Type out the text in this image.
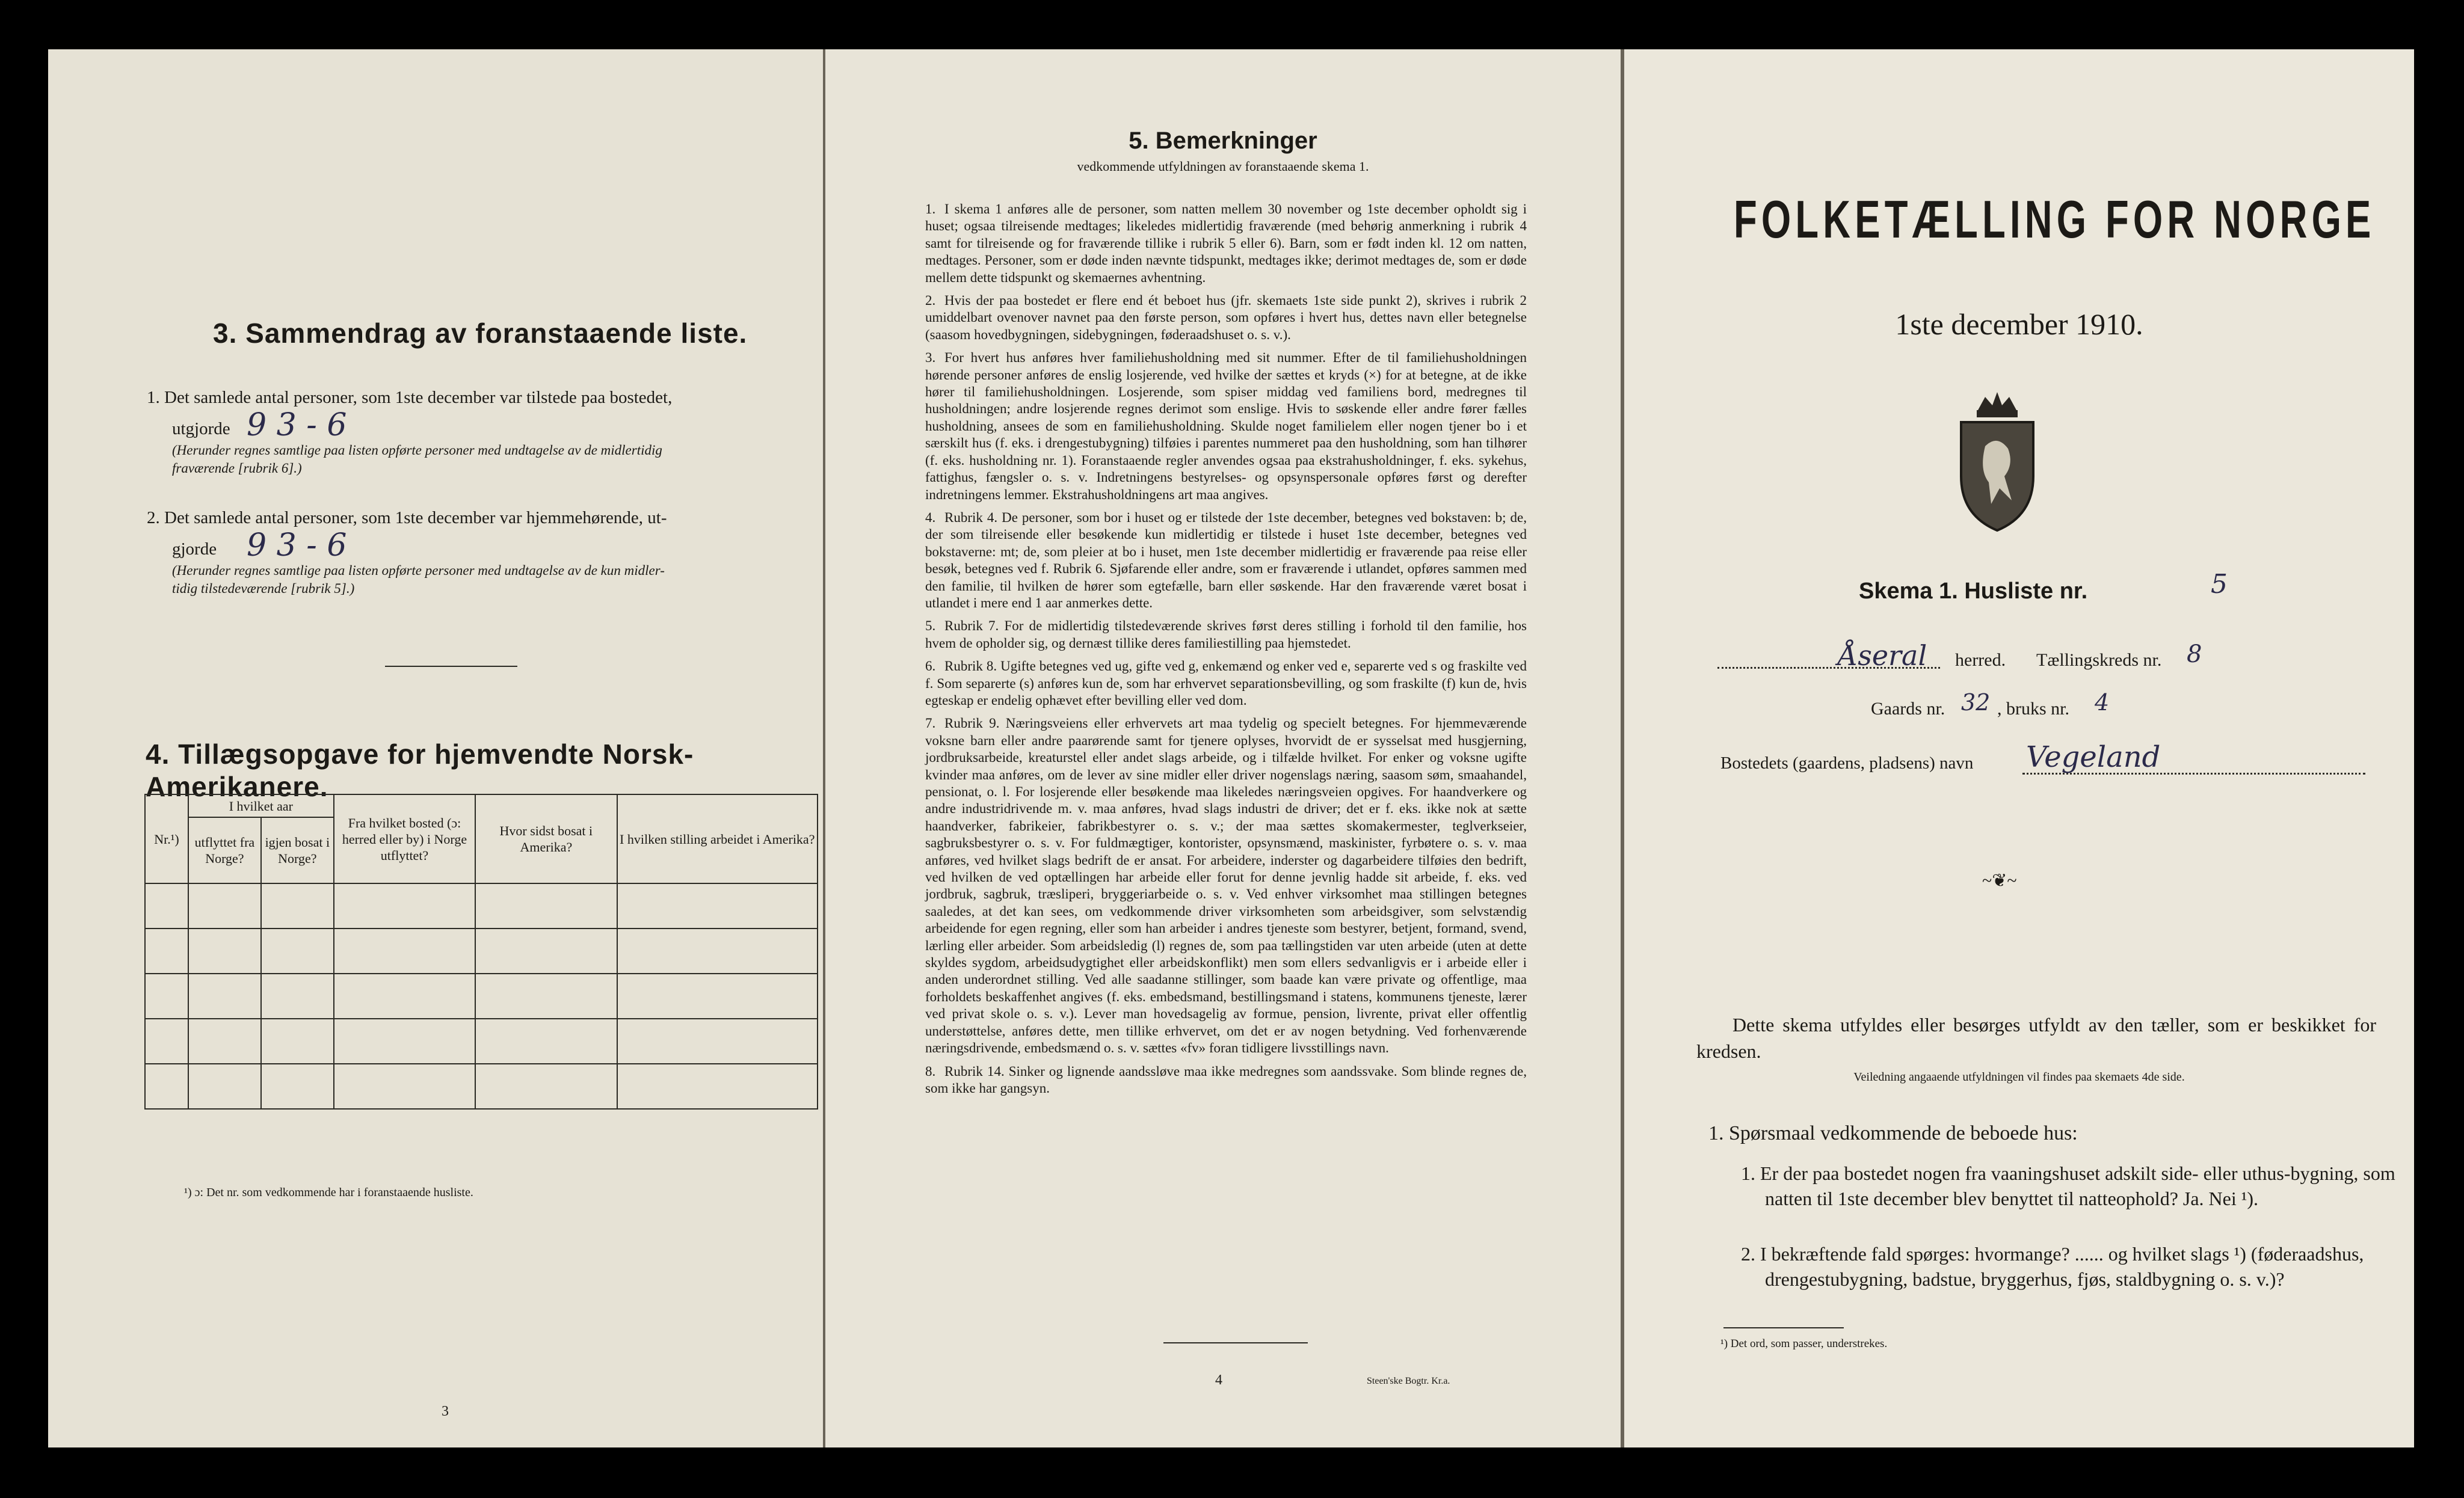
3. Sammendrag av foranstaaende liste.
1. Det samlede antal personer, som 1ste december var tilstede paa bostedet,
utgjorde 9 3 - 6
(Herunder regnes samtlige paa listen opførte personer med undtagelse av de midlertidig
fraværende [rubrik 6].)
2. Det samlede antal personer, som 1ste december var hjemmehørende, ut-
gjorde 9 3 - 6
(Herunder regnes samtlige paa listen opførte personer med undtagelse av de kun midler-
tidig tilstedeværende [rubrik 5].)
4. Tillægsopgave for hjemvendte Norsk-Amerikanere.
Nr.¹)	I hvilket aar		Fra hvilket bosted (ɔ: herred eller by) i Norge utflyttet?	Hvor sidst bosat i Amerika?	I hvilken stilling arbeidet i Amerika?
	utflyttet fra Norge?	igjen bosat i Norge?			

¹) ɔ: Det nr. som vedkommende har i foranstaaende husliste.
3
5. Bemerkninger
vedkommende utfyldningen av foranstaaende skema 1.

1. I skema 1 anføres alle de personer, som natten mellem 30 november og 1ste december opholdt sig i huset; ogsaa tilreisende medtages; likeledes midlertidig fraværende (med behørig anmerkning i rubrik 4 samt for tilreisende og for fraværende tillike i rubrik 5 eller 6). Barn, som er født inden kl. 12 om natten, medtages. Personer, som er døde inden nævnte tidspunkt, medtages ikke; derimot medtages de, som er døde mellem dette tidspunkt og skemaernes avhentning.

2. Hvis der paa bostedet er flere end ét beboet hus (jfr. skemaets 1ste side punkt 2), skrives i rubrik 2 umiddelbart ovenover navnet paa den første person, som opføres i hvert hus, dettes navn eller betegnelse (saasom hovedbygningen, sidebygningen, føderaadshuset o. s. v.).

3. For hvert hus anføres hver familiehusholdning med sit nummer. Efter de til familiehusholdningen hørende personer anføres de enslig losjerende, ved hvilke der sættes et kryds (×) for at betegne, at de ikke hører til familiehusholdningen. Losjerende, som spiser middag ved familiens bord, medregnes til husholdningen; andre losjerende regnes derimot som enslige. Hvis to søskende eller andre fører fælles husholdning, ansees de som en familiehusholdning. Skulde noget familielem eller nogen tjener bo i et særskilt hus (f. eks. i drengestubygning) tilføies i parentes nummeret paa den husholdning, som han tilhører (f. eks. husholdning nr. 1). Foranstaaende regler anvendes ogsaa paa ekstrahusholdninger, f. eks. sykehus, fattighus, fængsler o. s. v. Indretningens bestyrelses- og opsynspersonale opføres først og derefter indretningens lemmer. Ekstrahusholdningens art maa angives.

4. Rubrik 4. De personer, som bor i huset og er tilstede der 1ste december, betegnes ved bokstaven: b; de, der som tilreisende eller besøkende kun midlertidig er tilstede i huset 1ste december, betegnes ved bokstaverne: mt; de, som pleier at bo i huset, men 1ste december midlertidig er fraværende paa reise eller besøk, betegnes ved f. Rubrik 6. Sjøfarende eller andre, som er fraværende i utlandet, opføres sammen med den familie, til hvilken de hører som egtefælle, barn eller søskende. Har den fraværende været bosat i utlandet i mere end 1 aar anmerkes dette.

5. Rubrik 7. For de midlertidig tilstedeværende skrives først deres stilling i forhold til den familie, hos hvem de opholder sig, og dernæst tillike deres familiestilling paa hjemstedet.

6. Rubrik 8. Ugifte betegnes ved ug, gifte ved g, enkemænd og enker ved e, separerte ved s og fraskilte ved f. Som separerte (s) anføres kun de, som har erhvervet separationsbevilling, og som fraskilte (f) kun de, hvis egteskap er endelig ophævet efter bevilling eller ved dom.

7. Rubrik 9. Næringsveiens eller erhvervets art maa tydelig og specielt betegnes. For hjemmeværende voksne barn eller andre paarørende samt for tjenere oplyses, hvorvidt de er sysselsat med husgjerning, jordbruksarbeide, kreaturstel eller andet slags arbeide, og i tilfælde hvilket. For enker og voksne ugifte kvinder maa anføres, om de lever av sine midler eller driver nogenslags næring, saasom søm, smaahandel, pensionat, o. l. For losjerende eller besøkende maa likeledes næringsveien opgives. For haandverkere og andre industridrivende m. v. maa anføres, hvad slags industri de driver; det er f. eks. ikke nok at sætte haandverker, fabrikeier, fabrikbestyrer o. s. v.; der maa sættes skomakermester, teglverkseier, sagbruksbestyrer o. s. v. For fuldmægtiger, kontorister, opsynsmænd, maskinister, fyrbøtere o. s. v. maa anføres, ved hvilket slags bedrift de er ansat. For arbeidere, inderster og dagarbeidere tilføies den bedrift, ved hvilken de ved optællingen har arbeide eller forut for denne jevnlig hadde sit arbeide, f. eks. ved jordbruk, sagbruk, træsliperi, bryggeriarbeide o. s. v. Ved enhver virksomhet maa stillingen betegnes saaledes, at det kan sees, om vedkommende driver virksomheten som arbeidsgiver, som selvstændig arbeidende for egen regning, eller som han arbeider i andres tjeneste som bestyrer, betjent, formand, svend, lærling eller arbeider. Som arbeidsledig (l) regnes de, som paa tællingstiden var uten arbeide (uten at dette skyldes sygdom, arbeidsudygtighet eller arbeidskonflikt) men som ellers sedvanligvis er i arbeide eller i anden underordnet stilling. Ved alle saadanne stillinger, som baade kan være private og offentlige, maa forholdets beskaffenhet angives (f. eks. embedsmand, bestillingsmand i statens, kommunens tjeneste, lærer ved privat skole o. s. v.). Lever man hovedsagelig av formue, pension, livrente, privat eller offentlig understøttelse, anføres dette, men tillike erhvervet, om det er av nogen betydning. Ved forhenværende næringsdrivende, embedsmænd o. s. v. sættes «fv» foran tidligere livsstillings navn.

8. Rubrik 14. Sinker og lignende aandssløve maa ikke medregnes som aandssvake. Som blinde regnes de, som ikke har gangsyn.

4	Steen'ske Bogtr. Kr.a.
FOLKETÆLLING FOR NORGE
1ste december 1910.
Skema 1. Husliste nr.	5
Åseral herred. Tællingskreds nr. 8
Gaards nr. 32 , bruks nr. 4
Bostedets (gaardens, pladsens) navn Vegeland
~❦~
Dette skema utfyldes eller besørges utfyldt av den tæller, som er beskikket for kredsen.
Veiledning angaaende utfyldningen vil findes paa skemaets 4de side.
1. Spørsmaal vedkommende de beboede hus:
1. Er der paa bostedet nogen fra vaaningshuset adskilt side- eller uthus-bygning, som natten til 1ste december blev benyttet til natteophold? Ja. Nei ¹).
2. I bekræftende fald spørges: hvormange? ...... og hvilket slags ¹) (føderaadshus, drengestubygning, badstue, bryggerhus, fjøs, staldbygning o. s. v.)?
¹) Det ord, som passer, understrekes.
